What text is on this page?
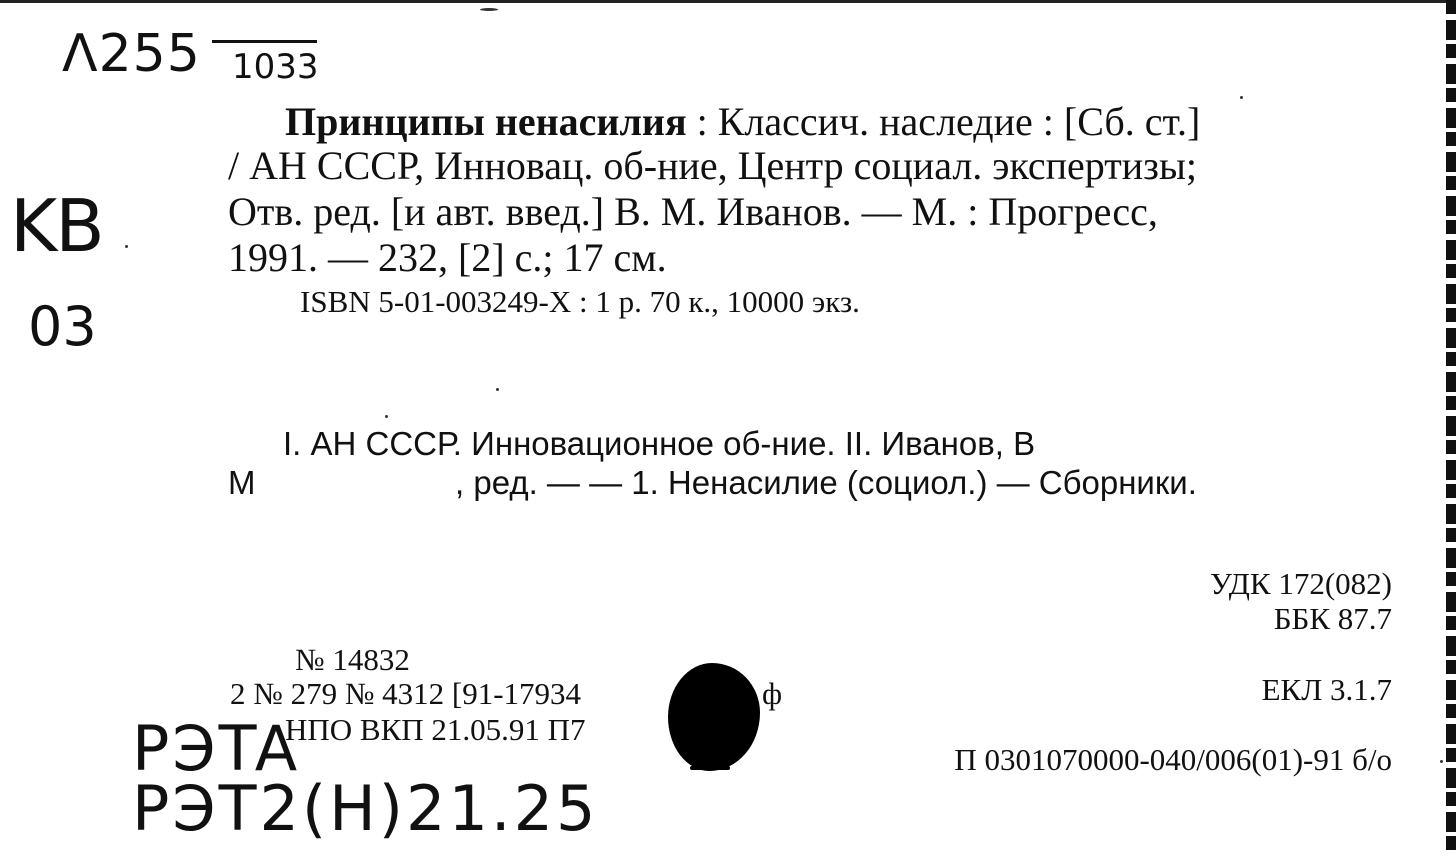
Λ255 1033
KB
03
PЭTA
PЭT2(H)21.25
Принципы ненасилия : Классич. наследие : [Сб. ст.]
/ АН СССР, Инновац. об-ние, Центр социал. экспертизы;
Отв. ред. [и авт. введ.] В. М. Иванов. — М. : Прогресс,
1991. — 232, [2] с.; 17 см.
ISBN 5-01-003249-X : 1 р. 70 к., 10000 экз.
I. АН СССР. Инновационное об-ние. II. Иванов, В
М	, ред. — — 1. Ненасилие (социол.) — Сборники.
УДК 172(082)
ББК 87.7
ЕКЛ 3.1.7
П 0301070000-040/006(01)-91 б/о
№ 14832
2 № 279 № 4312 [91-17934	ф
НПО ВКП 21.05.91 П7
